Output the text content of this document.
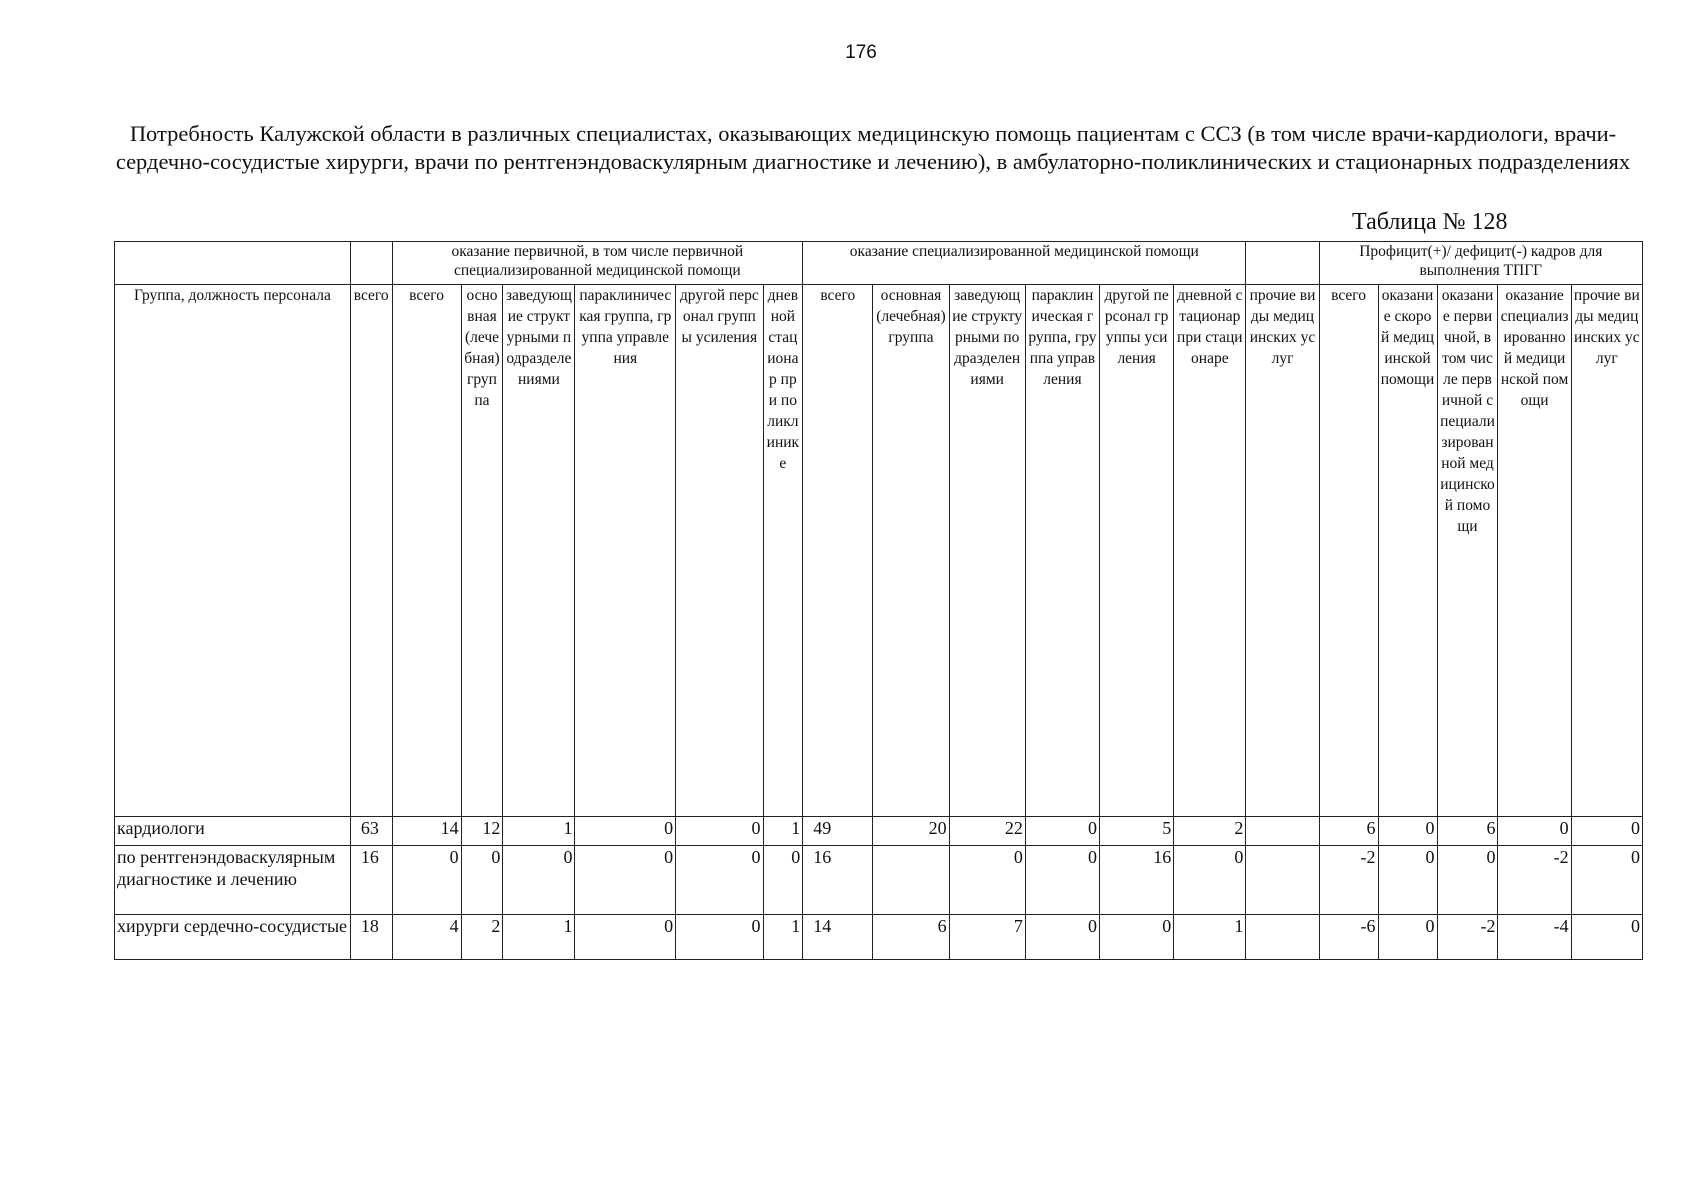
176
Потребность Калужской области в различных специалистах, оказывающих медицинскую помощь пациентам с ССЗ (в том числе врачи-кардиологи, врачи-сердечно-сосудистые хирурги, врачи по рентгенэндоваскулярным диагностике и лечению), в амбулаторно-поликлинических и стационарных подразделениях
Таблица № 128
		оказание первичной, в том числе первичной специализированной медицинской помощи						оказание специализированной медицинской помощи							Профицит(+)/ дефицит(-) кадров для выполнения ТПГГ				
Группа, должность персонала	всего	всего	основная (лечебная) группа	заведующие структурными подразделениями	параклиническая группа, группа управления	другой персонал группы усиления	дневной стационар при поликлинике	всего	основная (лечебная) группа	заведующие структурными подразделениями	параклиническая группа, группа управления	другой персонал группы усиления	дневной стационар при стационаре	прочие виды медицинских услуг	всего	оказание скорой медицинской помощи	оказание первичной, в том числе первичной специализированной медицинской помощи	оказание специализированной медицинской помощи	прочие виды медицинских услуг
кардиологи	63	14	12	1	0	0	1	49	20	22	0	5	2		6	0	6	0	0
по рентгенэндоваскулярным диагностике и лечению	16	0	0	0	0	0	0	16		0	0	16	0		-2	0	0	-2	0
хирурги сердечно-сосудистые	18	4	2	1	0	0	1	14	6	7	0	0	1		-6	0	-2	-4	0
